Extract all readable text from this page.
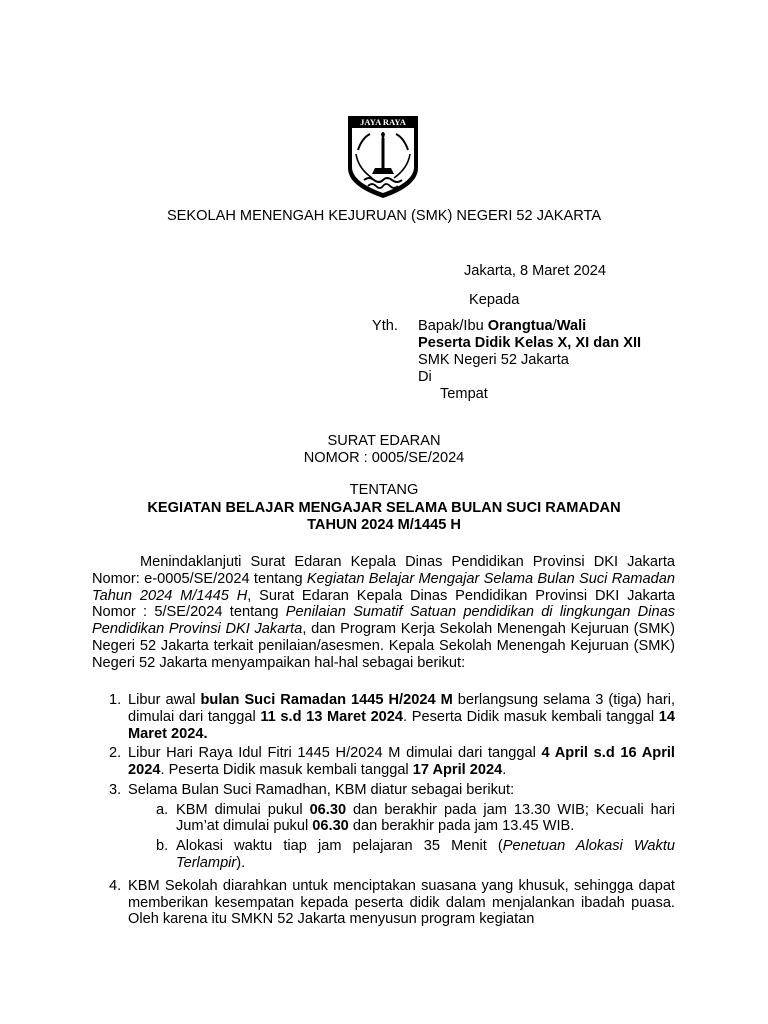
JAYA RAYA
SEKOLAH MENENGAH KEJURUAN (SMK) NEGERI 52 JAKARTA
Jakarta, 8 Maret 2024
Kepada
Yth. Bapak/Ibu Orangtua/Wali
Peserta Didik Kelas X, XI dan XII
SMK Negeri 52 Jakarta
Di
Tempat
SURAT EDARAN
NOMOR : 0005/SE/2024
TENTANG
KEGIATAN BELAJAR MENGAJAR SELAMA BULAN SUCI RAMADAN
TAHUN 2024 M/1445 H
Menindaklanjuti Surat Edaran Kepala Dinas Pendidikan Provinsi DKI Jakarta Nomor: e-0005/SE/2024 tentang Kegiatan Belajar Mengajar Selama Bulan Suci Ramadan Tahun 2024 M/1445 H, Surat Edaran Kepala Dinas Pendidikan Provinsi DKI Jakarta Nomor : 5/SE/2024 tentang Penilaian Sumatif Satuan pendidikan di lingkungan Dinas Pendidikan Provinsi DKI Jakarta, dan Program Kerja Sekolah Menengah Kejuruan (SMK) Negeri 52 Jakarta terkait penilaian/asesmen. Kepala Sekolah Menengah Kejuruan (SMK) Negeri 52 Jakarta menyampaikan hal-hal sebagai berikut:
1. Libur awal bulan Suci Ramadan 1445 H/2024 M berlangsung selama 3 (tiga) hari, dimulai dari tanggal 11 s.d 13 Maret 2024. Peserta Didik masuk kembali tanggal 14 Maret 2024.
2. Libur Hari Raya Idul Fitri 1445 H/2024 M dimulai dari tanggal 4 April s.d 16 April 2024. Peserta Didik masuk kembali tanggal 17 April 2024.
3. Selama Bulan Suci Ramadhan, KBM diatur sebagai berikut:
a. KBM dimulai pukul 06.30 dan berakhir pada jam 13.30 WIB; Kecuali hari Jum’at dimulai pukul 06.30 dan berakhir pada jam 13.45 WIB.
b. Alokasi waktu tiap jam pelajaran 35 Menit (Penetuan Alokasi Waktu Terlampir).
4. KBM Sekolah diarahkan untuk menciptakan suasana yang khusuk, sehingga dapat memberikan kesempatan kepada peserta didik dalam menjalankan ibadah puasa. Oleh karena itu SMKN 52 Jakarta menyusun program kegiatan
